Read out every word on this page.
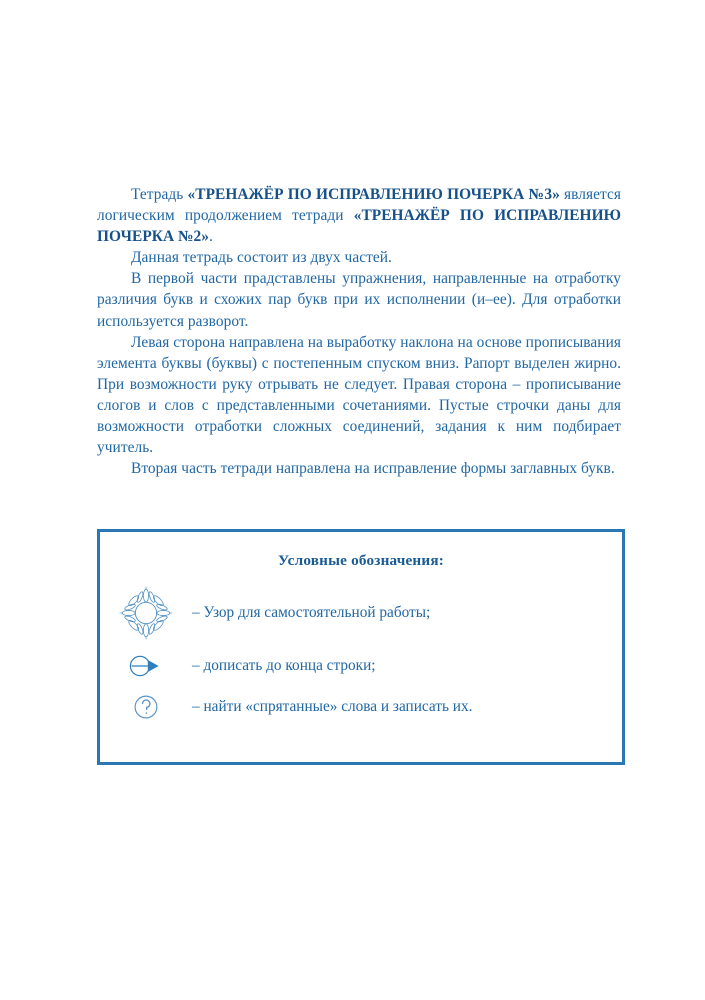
Тетрадь «ТРЕНАЖЁР ПО ИСПРАВЛЕНИЮ ПОЧЕРКА №3» является логическим продолжением тетради «ТРЕНАЖЁР ПО ИСПРАВЛЕНИЮ ПОЧЕРКА №2».

Данная тетрадь состоит из двух частей.

В первой части прадставлены упражнения, направленные на отработку различия букв и схожих пар букв при их исполнении (и–ее). Для отработки используется разворот.

Левая сторона направлена на выработку наклона на основе прописывания элемента буквы (буквы) с постепенным спуском вниз. Рапорт выделен жирно. При возможности руку отрывать не следует. Правая сторона – прописывание слогов и слов с представленными сочетаниями. Пустые строчки даны для возможности отработки сложных соединений, задания к ним подбирает учитель.

Вторая часть тетради направлена на исправление формы заглавных букв.

Условные обозначения:
– Узор для самостоятельной работы;
– дописать до конца строки;
– найти «спрятанные» слова и записать их.
